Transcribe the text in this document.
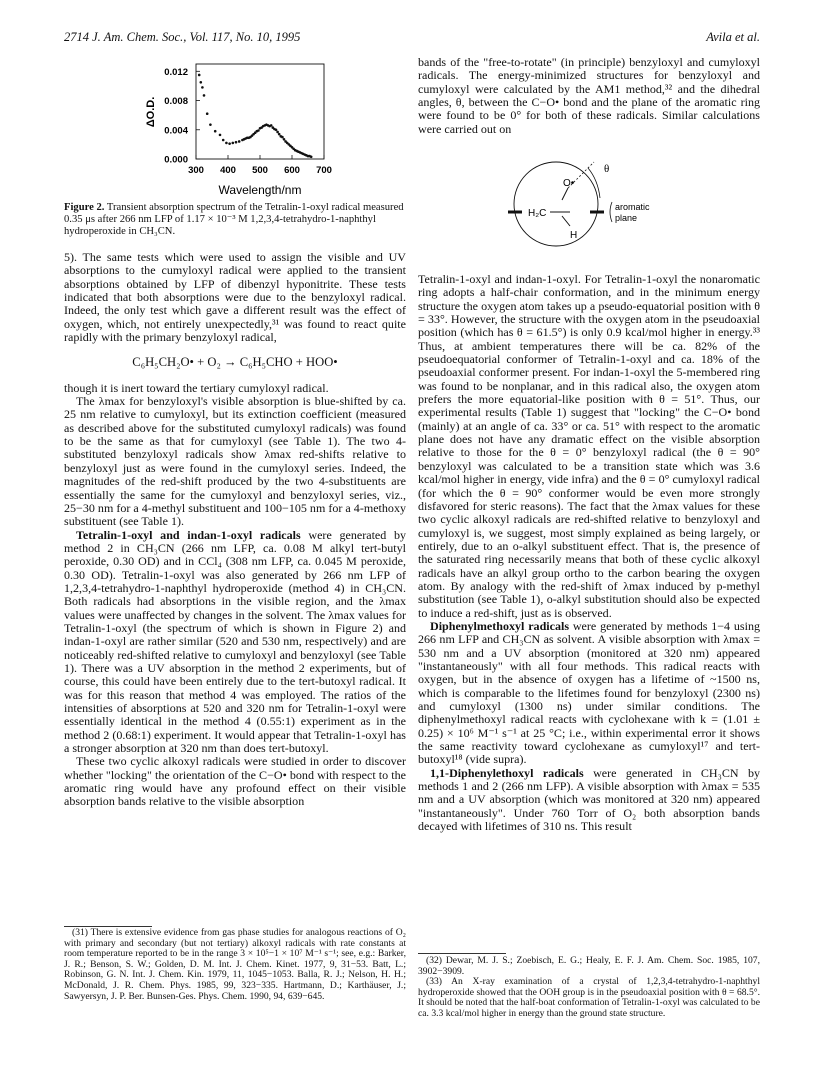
2714 J. Am. Chem. Soc., Vol. 117, No. 10, 1995	Avila et al.
300 400 500 600 700
0.000
0.004
0.008
0.012
Wavelength/nm
ΔO.D.
Figure 2. Transient absorption spectrum of the Tetralin-1-oxyl radical measured 0.35 μs after 266 nm LFP of 1.17 × 10⁻³ M 1,2,3,4-tetrahydro-1-naphthyl hydroperoxide in CH₃CN.

5). The same tests which were used to assign the visible and UV absorptions to the cumyloxyl radical were applied to the transient absorptions obtained by LFP of dibenzyl hyponitrite. These tests indicated that both absorptions were due to the benzyloxyl radical. Indeed, the only test which gave a different result was the effect of oxygen, which, not entirely unexpectedly,³¹ was found to react quite rapidly with the primary benzyloxyl radical,

C₆H₅CH₂O• + O₂ → C₆H₅CHO + HOO•

though it is inert toward the tertiary cumyloxyl radical.

The λmax for benzyloxyl's visible absorption is blue-shifted by ca. 25 nm relative to cumyloxyl, but its extinction coefficient (measured as described above for the substituted cumyloxyl radicals) was found to be the same as that for cumyloxyl (see Table 1). The two 4-substituted benzyloxyl radicals show λmax red-shifts relative to benzyloxyl just as were found in the cumyloxyl series. Indeed, the magnitudes of the red-shift produced by the two 4-substituents are essentially the same for the cumyloxyl and benzyloxyl series, viz., 25−30 nm for a 4-methyl substituent and 100−105 nm for a 4-methoxy substituent (see Table 1).

Tetralin-1-oxyl and indan-1-oxyl radicals were generated by method 2 in CH₃CN (266 nm LFP, ca. 0.08 M alkyl tert-butyl peroxide, 0.30 OD) and in CCl₄ (308 nm LFP, ca. 0.045 M peroxide, 0.30 OD). Tetralin-1-oxyl was also generated by 266 nm LFP of 1,2,3,4-tetrahydro-1-naphthyl hydroperoxide (method 4) in CH₃CN. Both radicals had absorptions in the visible region, and the λmax values were unaffected by changes in the solvent. The λmax values for Tetralin-1-oxyl (the spectrum of which is shown in Figure 2) and indan-1-oxyl are rather similar (520 and 530 nm, respectively) and are noticeably red-shifted relative to cumyloxyl and benzyloxyl (see Table 1). There was a UV absorption in the method 2 experiments, but of course, this could have been entirely due to the tert-butoxyl radical. It was for this reason that method 4 was employed. The ratios of the intensities of absorptions at 520 and 320 nm for Tetralin-1-oxyl were essentially identical in the method 4 (0.55:1) experiment as in the method 2 (0.68:1) experiment. It would appear that Tetralin-1-oxyl has a stronger absorption at 320 nm than does tert-butoxyl.

These two cyclic alkoxyl radicals were studied in order to discover whether "locking" the orientation of the C−O• bond with respect to the aromatic ring would have any profound effect on their visible absorption bands relative to the visible absorption

(31) There is extensive evidence from gas phase studies for analogous reactions of O₂ with primary and secondary (but not tertiary) alkoxyl radicals with rate constants at room temperature reported to be in the range 3 × 10⁵−1 × 10⁷ M⁻¹ s⁻¹; see, e.g.: Barker, J. R.; Benson, S. W.; Golden, D. M. Int. J. Chem. Kinet. 1977, 9, 31−53. Batt, L.; Robinson, G. N. Int. J. Chem. Kin. 1979, 11, 1045−1053. Balla, R. J.; Nelson, H. H.; McDonald, J. R. Chem. Phys. 1985, 99, 323−335. Hartmann, D.; Karthäuser, J.; Sawyersyn, J. P. Ber. Bunsen-Ges. Phys. Chem. 1990, 94, 639−645.

bands of the "free-to-rotate" (in principle) benzyloxyl and cumyloxyl radicals. The energy-minimized structures for benzyloxyl and cumyloxyl were calculated by the AM1 method,³² and the dihedral angles, θ, between the C−O• bond and the plane of the aromatic ring were found to be 0° for both of these radicals. Similar calculations were carried out on

O•
θ
H₂C
H
aromatic
plane

Tetralin-1-oxyl and indan-1-oxyl. For Tetralin-1-oxyl the nonaromatic ring adopts a half-chair conformation, and in the minimum energy structure the oxygen atom takes up a pseudo-equatorial position with θ = 33°. However, the structure with the oxygen atom in the pseudoaxial position (which has θ = 61.5°) is only 0.9 kcal/mol higher in energy.³³ Thus, at ambient temperatures there will be ca. 82% of the pseudoequatorial conformer of Tetralin-1-oxyl and ca. 18% of the pseudoaxial conformer present. For indan-1-oxyl the 5-membered ring was found to be nonplanar, and in this radical also, the oxygen atom prefers the more equatorial-like position with θ = 51°. Thus, our experimental results (Table 1) suggest that "locking" the C−O• bond (mainly) at an angle of ca. 33° or ca. 51° with respect to the aromatic plane does not have any dramatic effect on the visible absorption relative to those for the θ = 0° benzyloxyl radical (the θ = 90° benzyloxyl was calculated to be a transition state which was 3.6 kcal/mol higher in energy, vide infra) and the θ = 0° cumyloxyl radical (for which the θ = 90° conformer would be even more strongly disfavored for steric reasons). The fact that the λmax values for these two cyclic alkoxyl radicals are red-shifted relative to benzyloxyl and cumyloxyl is, we suggest, most simply explained as being largely, or entirely, due to an o-alkyl substituent effect. That is, the presence of the saturated ring necessarily means that both of these cyclic alkoxyl radicals have an alkyl group ortho to the carbon bearing the oxygen atom. By analogy with the red-shift of λmax induced by p-methyl substitution (see Table 1), o-alkyl substitution should also be expected to induce a red-shift, just as is observed.

Diphenylmethoxyl radicals were generated by methods 1−4 using 266 nm LFP and CH₃CN as solvent. A visible absorption with λmax = 530 nm and a UV absorption (monitored at 320 nm) appeared "instantaneously" with all four methods. This radical reacts with oxygen, but in the absence of oxygen has a lifetime of ~1500 ns, which is comparable to the lifetimes found for benzyloxyl (2300 ns) and cumyloxyl (1300 ns) under similar conditions. The diphenylmethoxyl radical reacts with cyclohexane with k = (1.01 ± 0.25) × 10⁶ M⁻¹ s⁻¹ at 25 °C; i.e., within experimental error it shows the same reactivity toward cyclohexane as cumyloxyl¹⁷ and tert-butoxyl¹⁸ (vide supra).

1,1-Diphenylethoxyl radicals were generated in CH₃CN by methods 1 and 2 (266 nm LFP). A visible absorption with λmax = 535 nm and a UV absorption (which was monitored at 320 nm) appeared "instantaneously". Under 760 Torr of O₂ both absorption bands decayed with lifetimes of 310 ns. This result

(32) Dewar, M. J. S.; Zoebisch, E. G.; Healy, E. F. J. Am. Chem. Soc. 1985, 107, 3902−3909.

(33) An X-ray examination of a crystal of 1,2,3,4-tetrahydro-1-naphthyl hydroperoxide showed that the OOH group is in the pseudoaxial position with θ = 68.5°. It should be noted that the half-boat conformation of Tetralin-1-oxyl was calculated to be ca. 3.3 kcal/mol higher in energy than the ground state structure.
